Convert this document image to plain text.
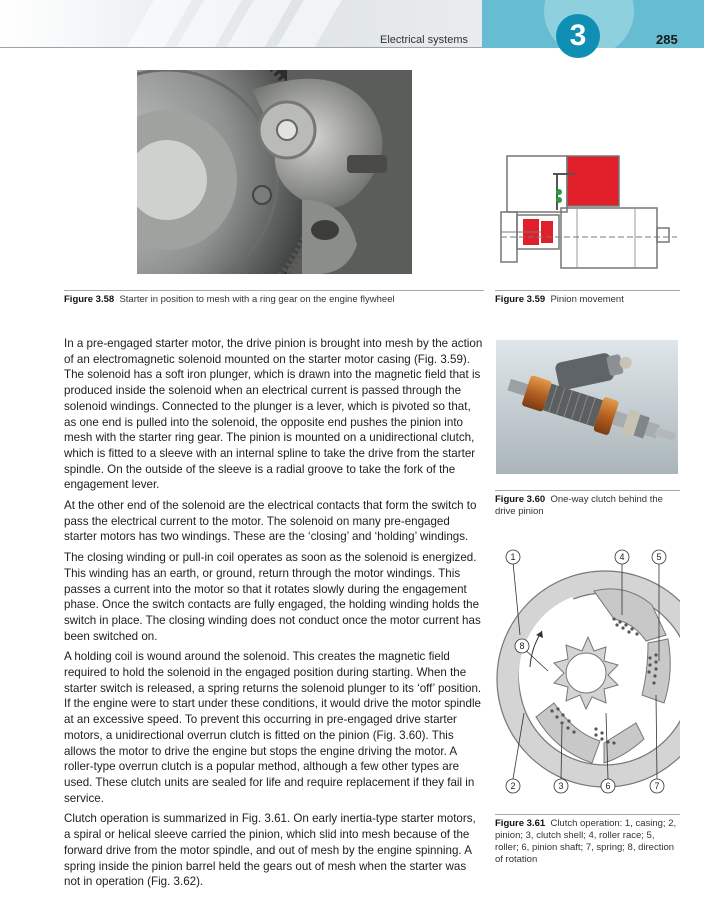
Electrical systems	3	285
Figure 3.58 Starter in position to mesh with a ring gear on the engine flywheel	Figure 3.59 Pinion movement
Figure 3.60 One-way clutch behind the drive pinion
1
2	3
4	5
6	7
8
Figure 3.61 Clutch operation: 1, casing; 2, pinion; 3, clutch shell; 4, roller race; 5, roller; 6, pinion shaft; 7, spring; 8, direction of rotation

In a pre-engaged starter motor, the drive pinion is brought into mesh by the action of an electromagnetic solenoid mounted on the starter motor casing (Fig. 3.59). The solenoid has a soft iron plunger, which is drawn into the magnetic field that is produced inside the solenoid when an electrical current is passed through the solenoid windings. Connected to the plunger is a lever, which is pivoted so that, as one end is pulled into the solenoid, the opposite end pushes the pinion into mesh with the starter ring gear. The pinion is mounted on a unidirectional clutch, which is fitted to a sleeve with an internal spline to take the drive from the starter spindle. On the outside of the sleeve is a radial groove to take the fork of the engagement lever.

At the other end of the solenoid are the electrical contacts that form the switch to pass the electrical current to the motor. The solenoid on many pre-engaged starter motors has two windings. These are the ‘closing’ and ‘holding’ windings.

The closing winding or pull-in coil operates as soon as the solenoid is energized. This winding has an earth, or ground, return through the motor windings. This passes a current into the motor so that it rotates slowly during the engagement phase. Once the switch contacts are fully engaged, the holding winding holds the switch in place. The closing winding does not conduct once the motor current has been switched on.

A holding coil is wound around the solenoid. This creates the magnetic field required to hold the solenoid in the engaged position during starting. When the starter switch is released, a spring returns the solenoid plunger to its ‘off’ position. If the engine were to start under these conditions, it would drive the motor spindle at an excessive speed. To prevent this occurring in pre-engaged drive starter motors, a unidirectional overrun clutch is fitted on the pinion (Fig. 3.60). This allows the motor to drive the engine but stops the engine driving the motor. A roller-type overrun clutch is a popular method, although a few other types are used. These clutch units are sealed for life and require replacement if they fail in service.

Clutch operation is summarized in Fig. 3.61. On early inertia-type starter motors, a spiral or helical sleeve carried the pinion, which slid into mesh because of the forward drive from the motor spindle, and out of mesh by the engine spinning. A spring inside the pinion barrel held the gears out of mesh when the starter was not in operation (Fig. 3.62).
